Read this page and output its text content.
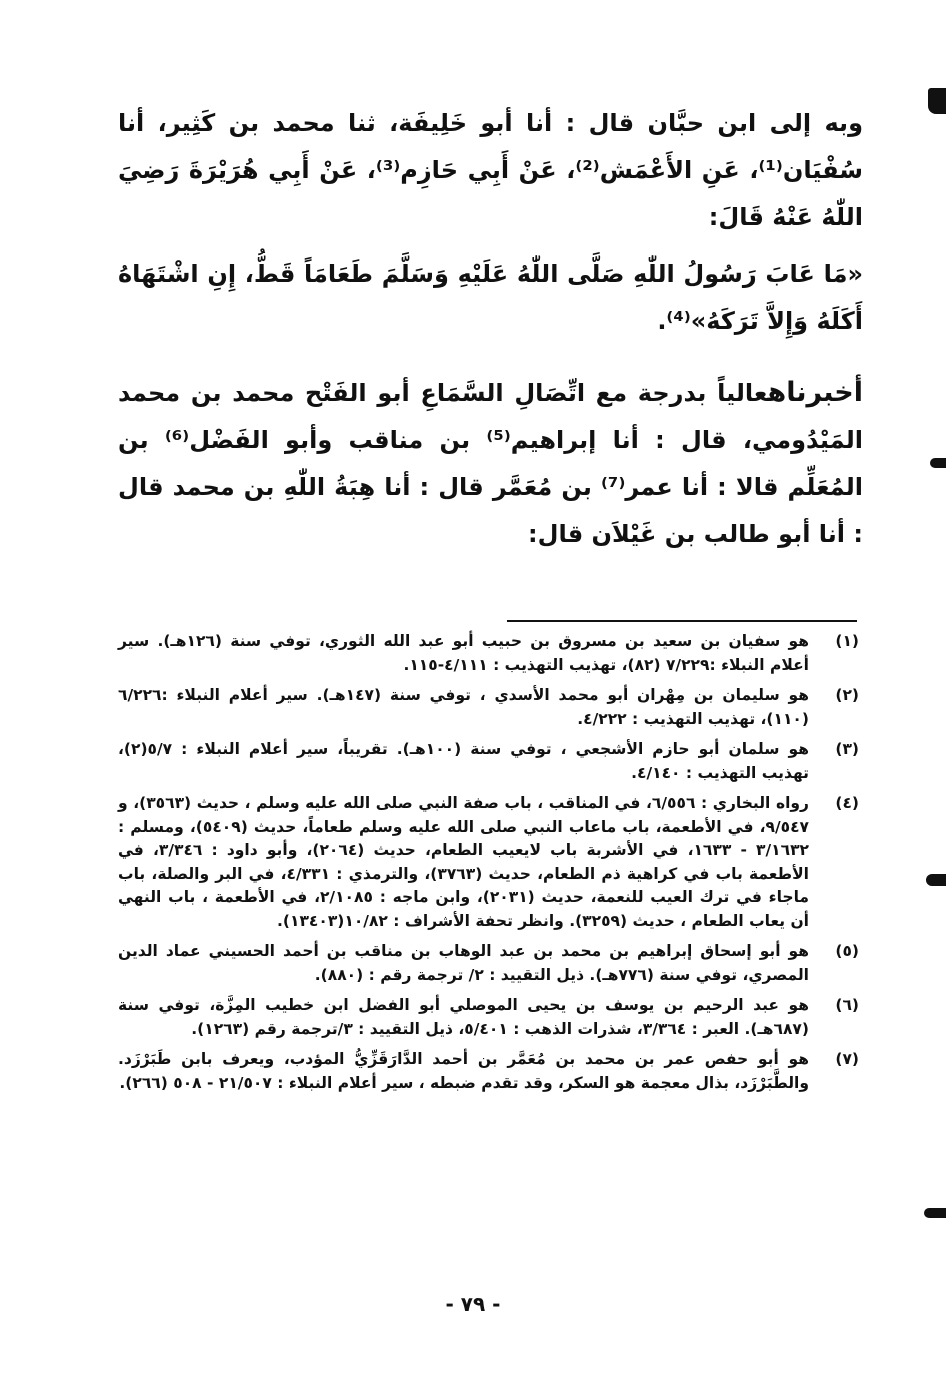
وبه إلى ابن حبَّان قال : أنا أبو خَلِيفَة، ثنا محمد بن كَثِير، أنا سُفْيَان⁽¹⁾، عَنِ الأَعْمَش⁽²⁾، عَنْ أَبِي حَازِم⁽³⁾، عَنْ أَبِي هُرَيْرَةَ رَضِيَ اللّٰهُ عَنْهُ قَالَ:

«مَا عَابَ رَسُولُ اللّٰهِ صَلَّى اللّٰهُ عَلَيْهِ وَسَلَّمَ طَعَامَاً قَطُّ، إِنِ اشْتَهَاهُ أَكَلَهُ وَإِلاَّ تَرَكَهُ»⁽⁴⁾.

أخبرناهعالياً بدرجة مع اتِّصَالِ السَّمَاعِ أبو الفَتْح محمد بن محمد المَيْدُومي، قال : أنا إبراهيم⁽⁵⁾ بن مناقب وأبو الفَضْل⁽⁶⁾ بن المُعَلِّم قالا : أنا عمر⁽⁷⁾ بن مُعَمَّر قال : أنا هِبَةُ اللّٰهِ بن محمد قال : أنا أبو طالب بن غَيْلاَن قال:

(١)
هو سفيان بن سعيد بن مسروق بن حبيب أبو عبد الله الثوري، توفي سنة (١٢٦هـ). سير أعلام النبلاء :٧/٢٢٩ (٨٢)، تهذيب التهذيب : ٤/١١١-١١٥.
(٢)
هو سليمان بن مِهْران أبو محمد الأسدي ، توفي سنة (١٤٧هـ). سير أعلام النبلاء :٦/٢٢٦ (١١٠)، تهذيب التهذيب : ٤/٢٢٢.
(٣)
هو سلمان أبو حازم الأشجعي ، توفي سنة (١٠٠هـ). تقريباً، سير أعلام النبلاء : ٥/٧(٢)، تهذيب التهذيب : ٤/١٤٠.
(٤)
رواه البخاري : ٦/٥٥٦، في المناقب ، باب صفة النبي صلى الله عليه وسلم ، حديث (٣٥٦٣)، و ٩/٥٤٧، في الأطعمة، باب ماعاب النبي صلى الله عليه وسلم طعاماً، حديث (٥٤٠٩)، ومسلم : ٣/١٦٣٢ - ١٦٣٣، في الأشربة باب لايعيب الطعام، حديث (٢٠٦٤)، وأبو داود : ٣/٣٤٦، في الأطعمة باب في كراهية ذم الطعام، حديث (٣٧٦٣)، والترمذي : ٤/٣٣١، في البر والصلة، باب ماجاء في ترك العيب للنعمة، حديث (٢٠٣١)، وابن ماجه : ٢/١٠٨٥، في الأطعمة ، باب النهي أن يعاب الطعام ، حديث (٣٢٥٩). وانظر تحفة الأشراف : ١٠/٨٢(١٣٤٠٣).
(٥)
هو أبو إسحاق إبراهيم بن محمد بن عبد الوهاب بن مناقب بن أحمد الحسيني عماد الدين المصري، توفي سنة (٧٧٦هـ). ذيل التقييد : ٢/ ترجمة رقم : (٨٨٠).
(٦)
هو عبد الرحيم بن يوسف بن يحيى الموصلي أبو الفضل ابن خطيب المِزَّة، توفي سنة (٦٨٧هـ). العبر : ٣/٣٦٤، شذرات الذهب : ٥/٤٠١، ذيل التقييد : ٣/ترجمة رقم (١٢٦٣).
(٧)
هو أبو حفص عمر بن محمد بن مُعَمَّر بن أحمد الدَّارَقَزِّيُّ المؤدب، ويعرف بابن طَبَرْزَد. والطَّبَرْزَد، بذال معجمة هو السكر، وقد تقدم ضبطه ، سير أعلام النبلاء : ٢١/٥٠٧ - ٥٠٨ (٢٦٦).
- ٧٩ -
